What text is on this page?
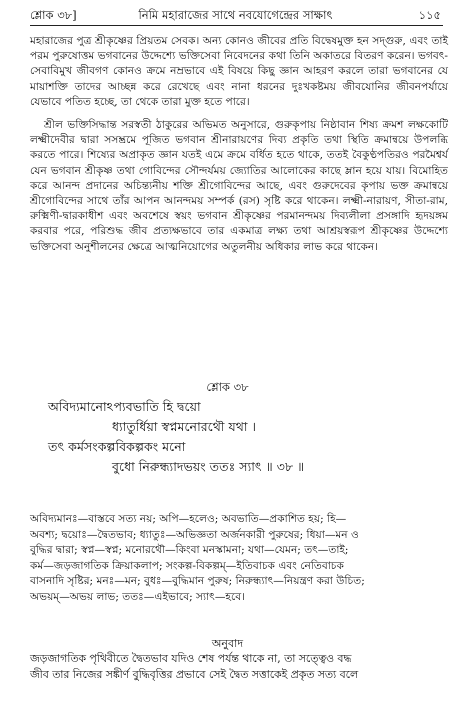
শ্লোক ৩৮]	নিমি মহারাজের সাথে নবযোগেন্দ্রের সাক্ষাৎ	১১৫

মহারাজের পুত্র শ্রীকৃষ্ণের প্রিয়তম সেবক। অন্য কোনও জীবের প্রতি বিদ্বেষমুক্ত হন সদ্গুরু, এবং তাই পরম পুরুষোত্তম ভগবানের উদ্দেশ্যে ভক্তিসেবা নিবেদনের কথা তিনি অকাতরে বিতরণ করেন। ভগবৎ-সেবাবিমুখ জীবগণ কোনও ক্রমে নম্রভাবে এই বিষয়ে কিছু জ্ঞান আহরণ করলে তারা ভগবানের যে মায়াশক্তি তাদের আচ্ছন্ন করে রেখেছে এবং নানা ধরনের দুঃখকষ্টময় জীবযোনির জীবনপর্যায়ে যেভাবে পতিত হচ্ছে, তা থেকে তারা মুক্ত হতে পারে।

শ্রীল ভক্তিসিদ্ধান্ত সরস্বতী ঠাকুরের অভিমত অনুসারে, গুরুকৃপায় নিষ্ঠাবান শিষ্য ক্রমশ লক্ষকোটি লক্ষ্মীদেবীর দ্বারা সসম্ভ্রমে পূজিত ভগবান শ্রীনারায়ণের দিব্য প্রকৃতি তথা স্থিতি ক্রমান্বয়ে উপলব্ধি করতে পারে। শিষ্যের অপ্রাকৃত জ্ঞান যতই এমে ক্রমে বর্ধিত হতে থাকে, ততই বৈকুণ্ঠপতিরও পরমৈশ্বর্য যেন ভগবান শ্রীকৃষ্ণ তথা গোবিন্দের সৌন্দর্যময় জ্যোতির আলোকের কাছে ম্লান হয়ে যায়। বিমোহিত করে আনন্দ প্রদানের অচিন্ত্যনীয় শক্তি শ্রীগোবিন্দের আছে, এবং গুরুদেবের কৃপায় ভক্ত ক্রমান্বয়ে শ্রীগোবিন্দের সাথে তাঁর আপন আনন্দময় সম্পর্ক (রস) সৃষ্টি করে থাকেন। লক্ষ্মী-নারায়ণ, সীতা-রাম, রুক্মিণী-দ্বারকাধীশ এবং অবশেষে স্বয়ং ভগবান শ্রীকৃষ্ণের পরমানন্দময় দিব্যলীলা প্রসঙ্গাদি হৃদয়ঙ্গম করবার পরে, পরিশুদ্ধ জীব প্রত্যক্ষভাবে তার একমাত্র লক্ষ্য তথা আশ্রয়স্বরূপ শ্রীকৃষ্ণের উদ্দেশ্যে ভক্তিসেবা অনুশীলনের ক্ষেত্রে আত্মনিয়োগের অতুলনীয় অধিকার লাভ করে থাকেন।

শ্লোক ৩৮
অবিদ্যমানোঽপ্যবভাতি হি দ্বয়ো
ধ্যাতুর্ধিয়া স্বপ্নমনোরথৌ যথা ।
তৎ কর্মসংকল্পবিকল্পকং মনো
বুধো নিরুন্ধ্যাদভয়ং ততঃ স্যাৎ ॥ ৩৮ ॥
অবিদ্যমানঃ—বাস্তবে সত্য নয়; অপি—হলেও; অবভাতি—প্রকাশিত হয়; হি—
অবশ্য; দ্বয়োঃ—দ্বৈতভাব; ধ্যাতুঃ—অভিজ্ঞতা অর্জনকারী পুরুষের; ধিয়া—মন ও
বুদ্ধির দ্বারা; স্বপ্ন—স্বপ্ন; মনোরথৌ—কিংবা মনস্কামনা; যথা—যেমন; তৎ—তাই;
কর্ম—জড়জাগতিক ক্রিয়াকলাপ; সংকল্প-বিকল্পম্—ইতিবাচক এবং নেতিবাচক
বাসনাদি সৃষ্টির; মনঃ—মন; বুধঃ—বুদ্ধিমান পুরুষ; নিরুন্ধ্যাৎ—নিয়ন্ত্রণ করা উচিত;
অভয়ম্—অভয় লাভ; ততঃ—এইভাবে; স্যাৎ—হবে।
অনুবাদ
জড়জাগতিক পৃথিবীতে দ্বৈতভাব যদিও শেষ পর্যন্ত থাকে না, তা সত্ত্বেও বদ্ধ
জীব তার নিজের সঙ্কীর্ণ বুদ্ধিবৃত্তির প্রভাবে সেই দ্বৈত সত্তাকেই প্রকৃত সত্য বলে
